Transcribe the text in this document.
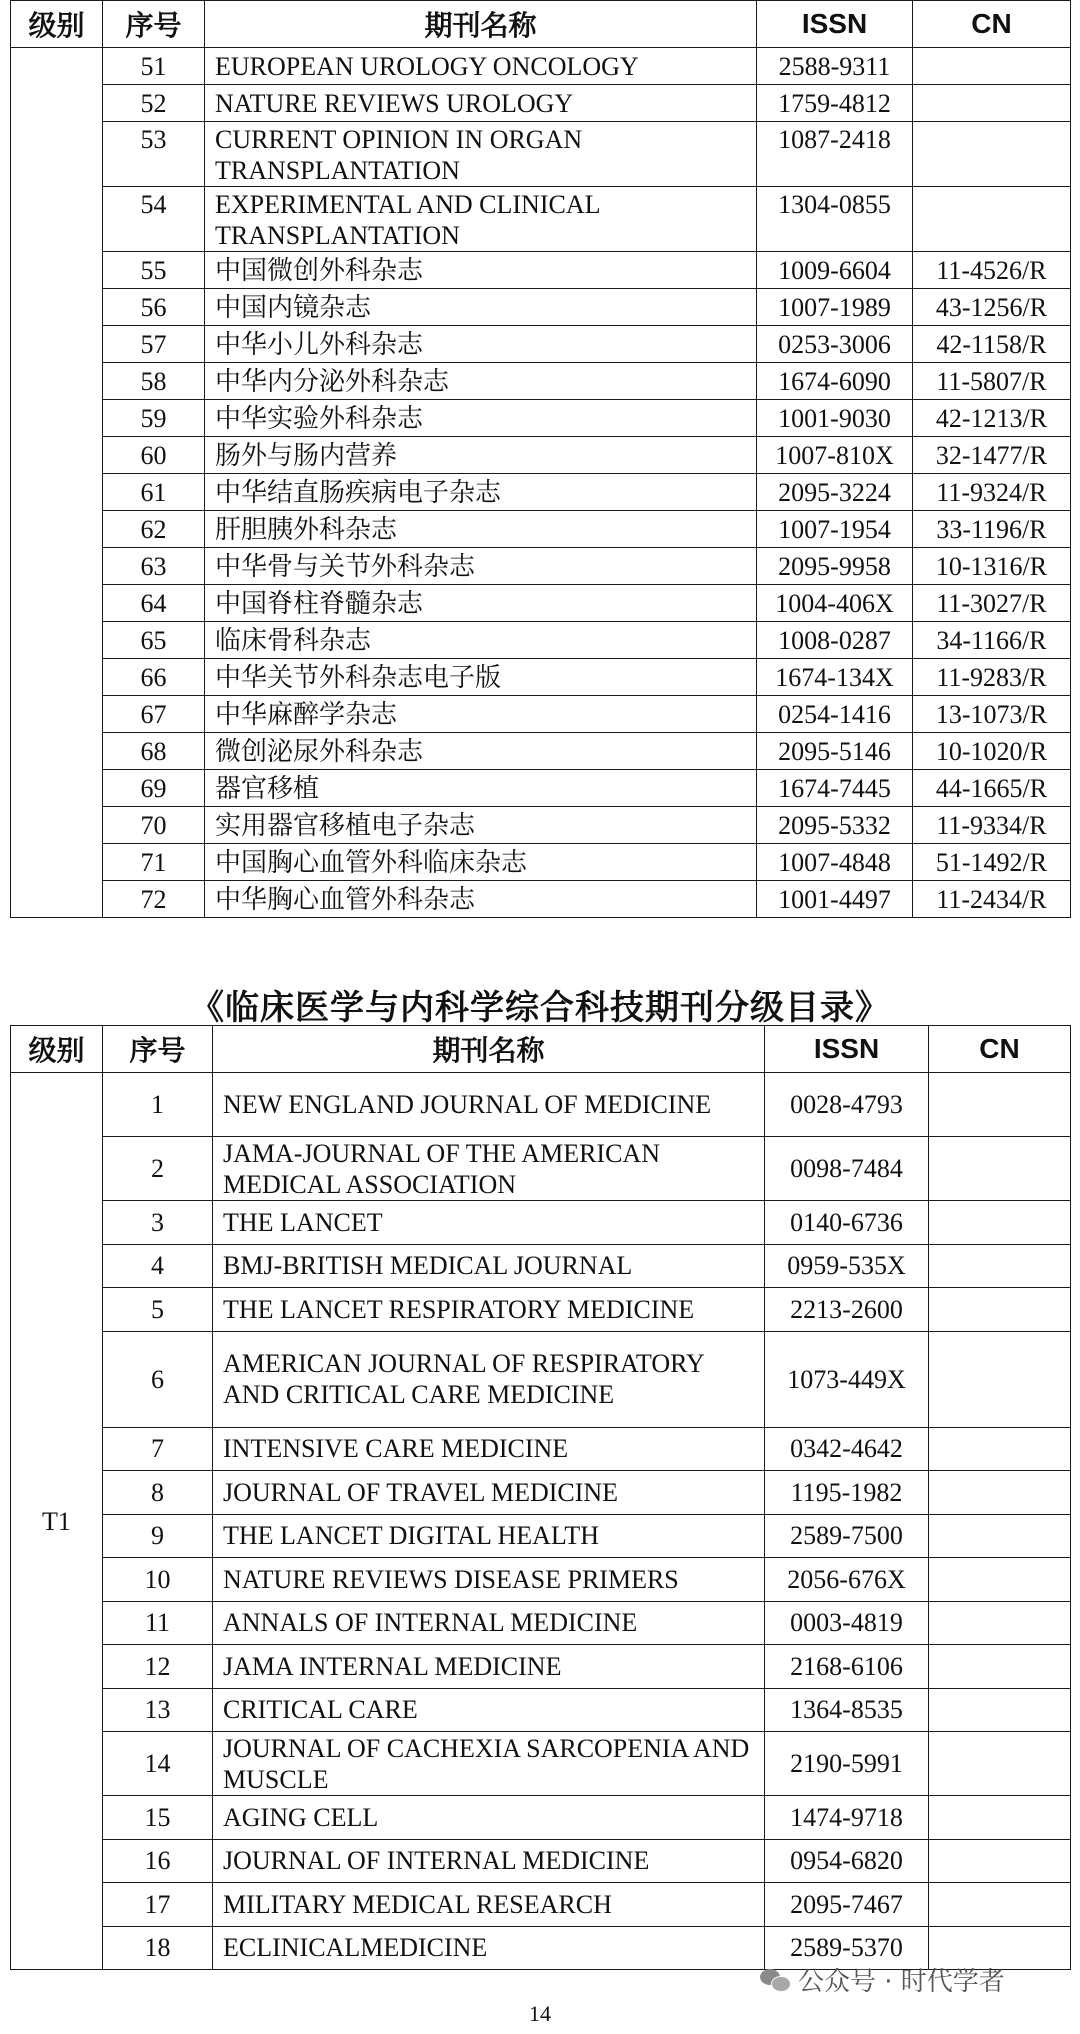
级别	序号	期刊名称	ISSN	CN
	51	EUROPEAN UROLOGY ONCOLOGY	2588-9311	
	52	NATURE REVIEWS UROLOGY	1759-4812	
	53	CURRENT OPINION IN ORGAN TRANSPLANTATION	1087-2418	
	54	EXPERIMENTAL AND CLINICAL TRANSPLANTATION	1304-0855	
	55	中国微创外科杂志	1009-6604	11-4526/R
	56	中国内镜杂志	1007-1989	43-1256/R
	57	中华小儿外科杂志	0253-3006	42-1158/R
	58	中华内分泌外科杂志	1674-6090	11-5807/R
	59	中华实验外科杂志	1001-9030	42-1213/R
	60	肠外与肠内营养	1007-810X	32-1477/R
	61	中华结直肠疾病电子杂志	2095-3224	11-9324/R
	62	肝胆胰外科杂志	1007-1954	33-1196/R
	63	中华骨与关节外科杂志	2095-9958	10-1316/R
	64	中国脊柱脊髓杂志	1004-406X	11-3027/R
	65	临床骨科杂志	1008-0287	34-1166/R
	66	中华关节外科杂志电子版	1674-134X	11-9283/R
	67	中华麻醉学杂志	0254-1416	13-1073/R
	68	微创泌尿外科杂志	2095-5146	10-1020/R
	69	器官移植	1674-7445	44-1665/R
	70	实用器官移植电子杂志	2095-5332	11-9334/R
	71	中国胸心血管外科临床杂志	1007-4848	51-1492/R
	72	中华胸心血管外科杂志	1001-4497	11-2434/R
《临床医学与内科学综合科技期刊分级目录》
级别	序号	期刊名称	ISSN	CN
T1	1	NEW ENGLAND JOURNAL OF MEDICINE	0028-4793	
	2	JAMA-JOURNAL OF THE AMERICAN MEDICAL ASSOCIATION	0098-7484	
	3	THE LANCET	0140-6736	
	4	BMJ-BRITISH MEDICAL JOURNAL	0959-535X	
	5	THE LANCET RESPIRATORY MEDICINE	2213-2600	
	6	AMERICAN JOURNAL OF RESPIRATORY AND CRITICAL CARE MEDICINE	1073-449X	
	7	INTENSIVE CARE MEDICINE	0342-4642	
	8	JOURNAL OF TRAVEL MEDICINE	1195-1982	
	9	THE LANCET DIGITAL HEALTH	2589-7500	
	10	NATURE REVIEWS DISEASE PRIMERS	2056-676X	
	11	ANNALS OF INTERNAL MEDICINE	0003-4819	
	12	JAMA INTERNAL MEDICINE	2168-6106	
	13	CRITICAL CARE	1364-8535	
	14	JOURNAL OF CACHEXIA SARCOPENIA AND MUSCLE	2190-5991	
	15	AGING CELL	1474-9718	
	16	JOURNAL OF INTERNAL MEDICINE	0954-6820	
	17	MILITARY MEDICAL RESEARCH	2095-7467	
	18	ECLINICALMEDICINE	2589-5370	
14
公众号 · 时代学者
